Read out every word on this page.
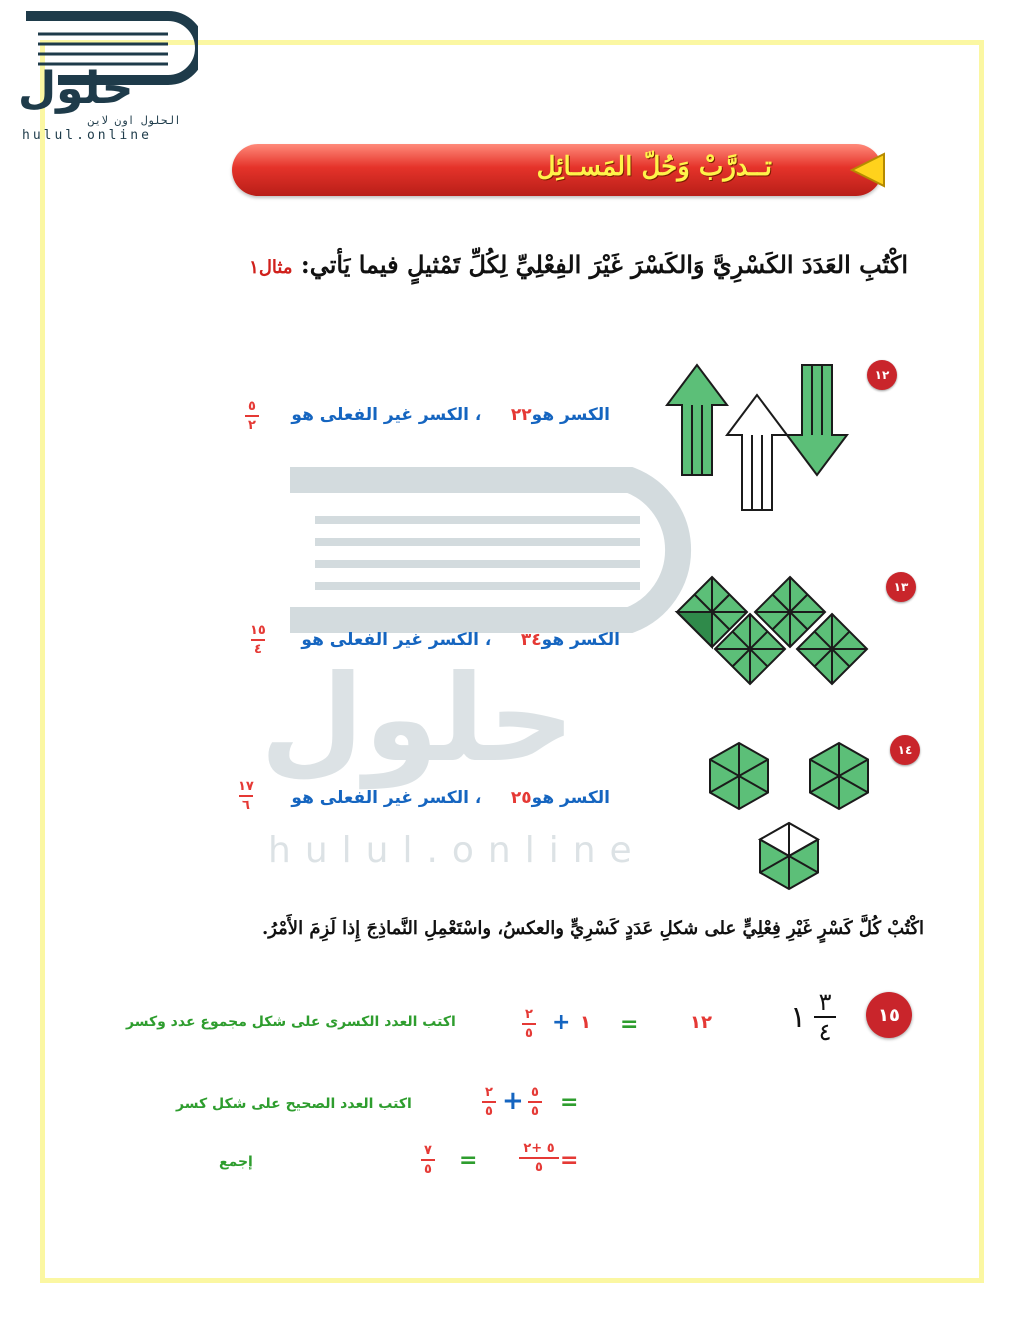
حلول
الحلول اون لاين
hulul.online
تــدرَّبْ وَحُلّ المَسـائِل
اكْتُبِ العَدَدَ الكَسْرِيَّ وَالكَسْرَ غَيْرَ الفِعْلِيِّ لِكُلِّ تَمْثيلٍ فيما يَأتي: مثال١
حلول
hulul.online
١٢
الكسر هو٢٢     ، الكسر غير الفعلى هو
٥
٢
١٣
الكسر هو٣٤     ، الكسر غير الفعلى هو
١٥
٤
١٤
الكسر هو٢٥     ، الكسر غير الفعلى هو
١٧
٦
اكْتُبْ كُلَّ كَسْرٍ غَيْرِ فِعْلِيٍّ على شكلِ عَدَدٍ كَسْرِيٍّ والعكسُ، واسْتَعْمِلِ النَّماذِجَ إِذا لَزِمَ الأَمْرُ.
١٥
١ $\frac{٣}{٤}$
١٢
=
١
+
٢
٥
اكتب العدد الكسرى على شكل مجموع عدد وكسر
=
٥
٥
+
٢
٥
اكتب العدد الصحيح على شكل كسر
٥ +٢
٥ =
=
٧
٥
إجمع
